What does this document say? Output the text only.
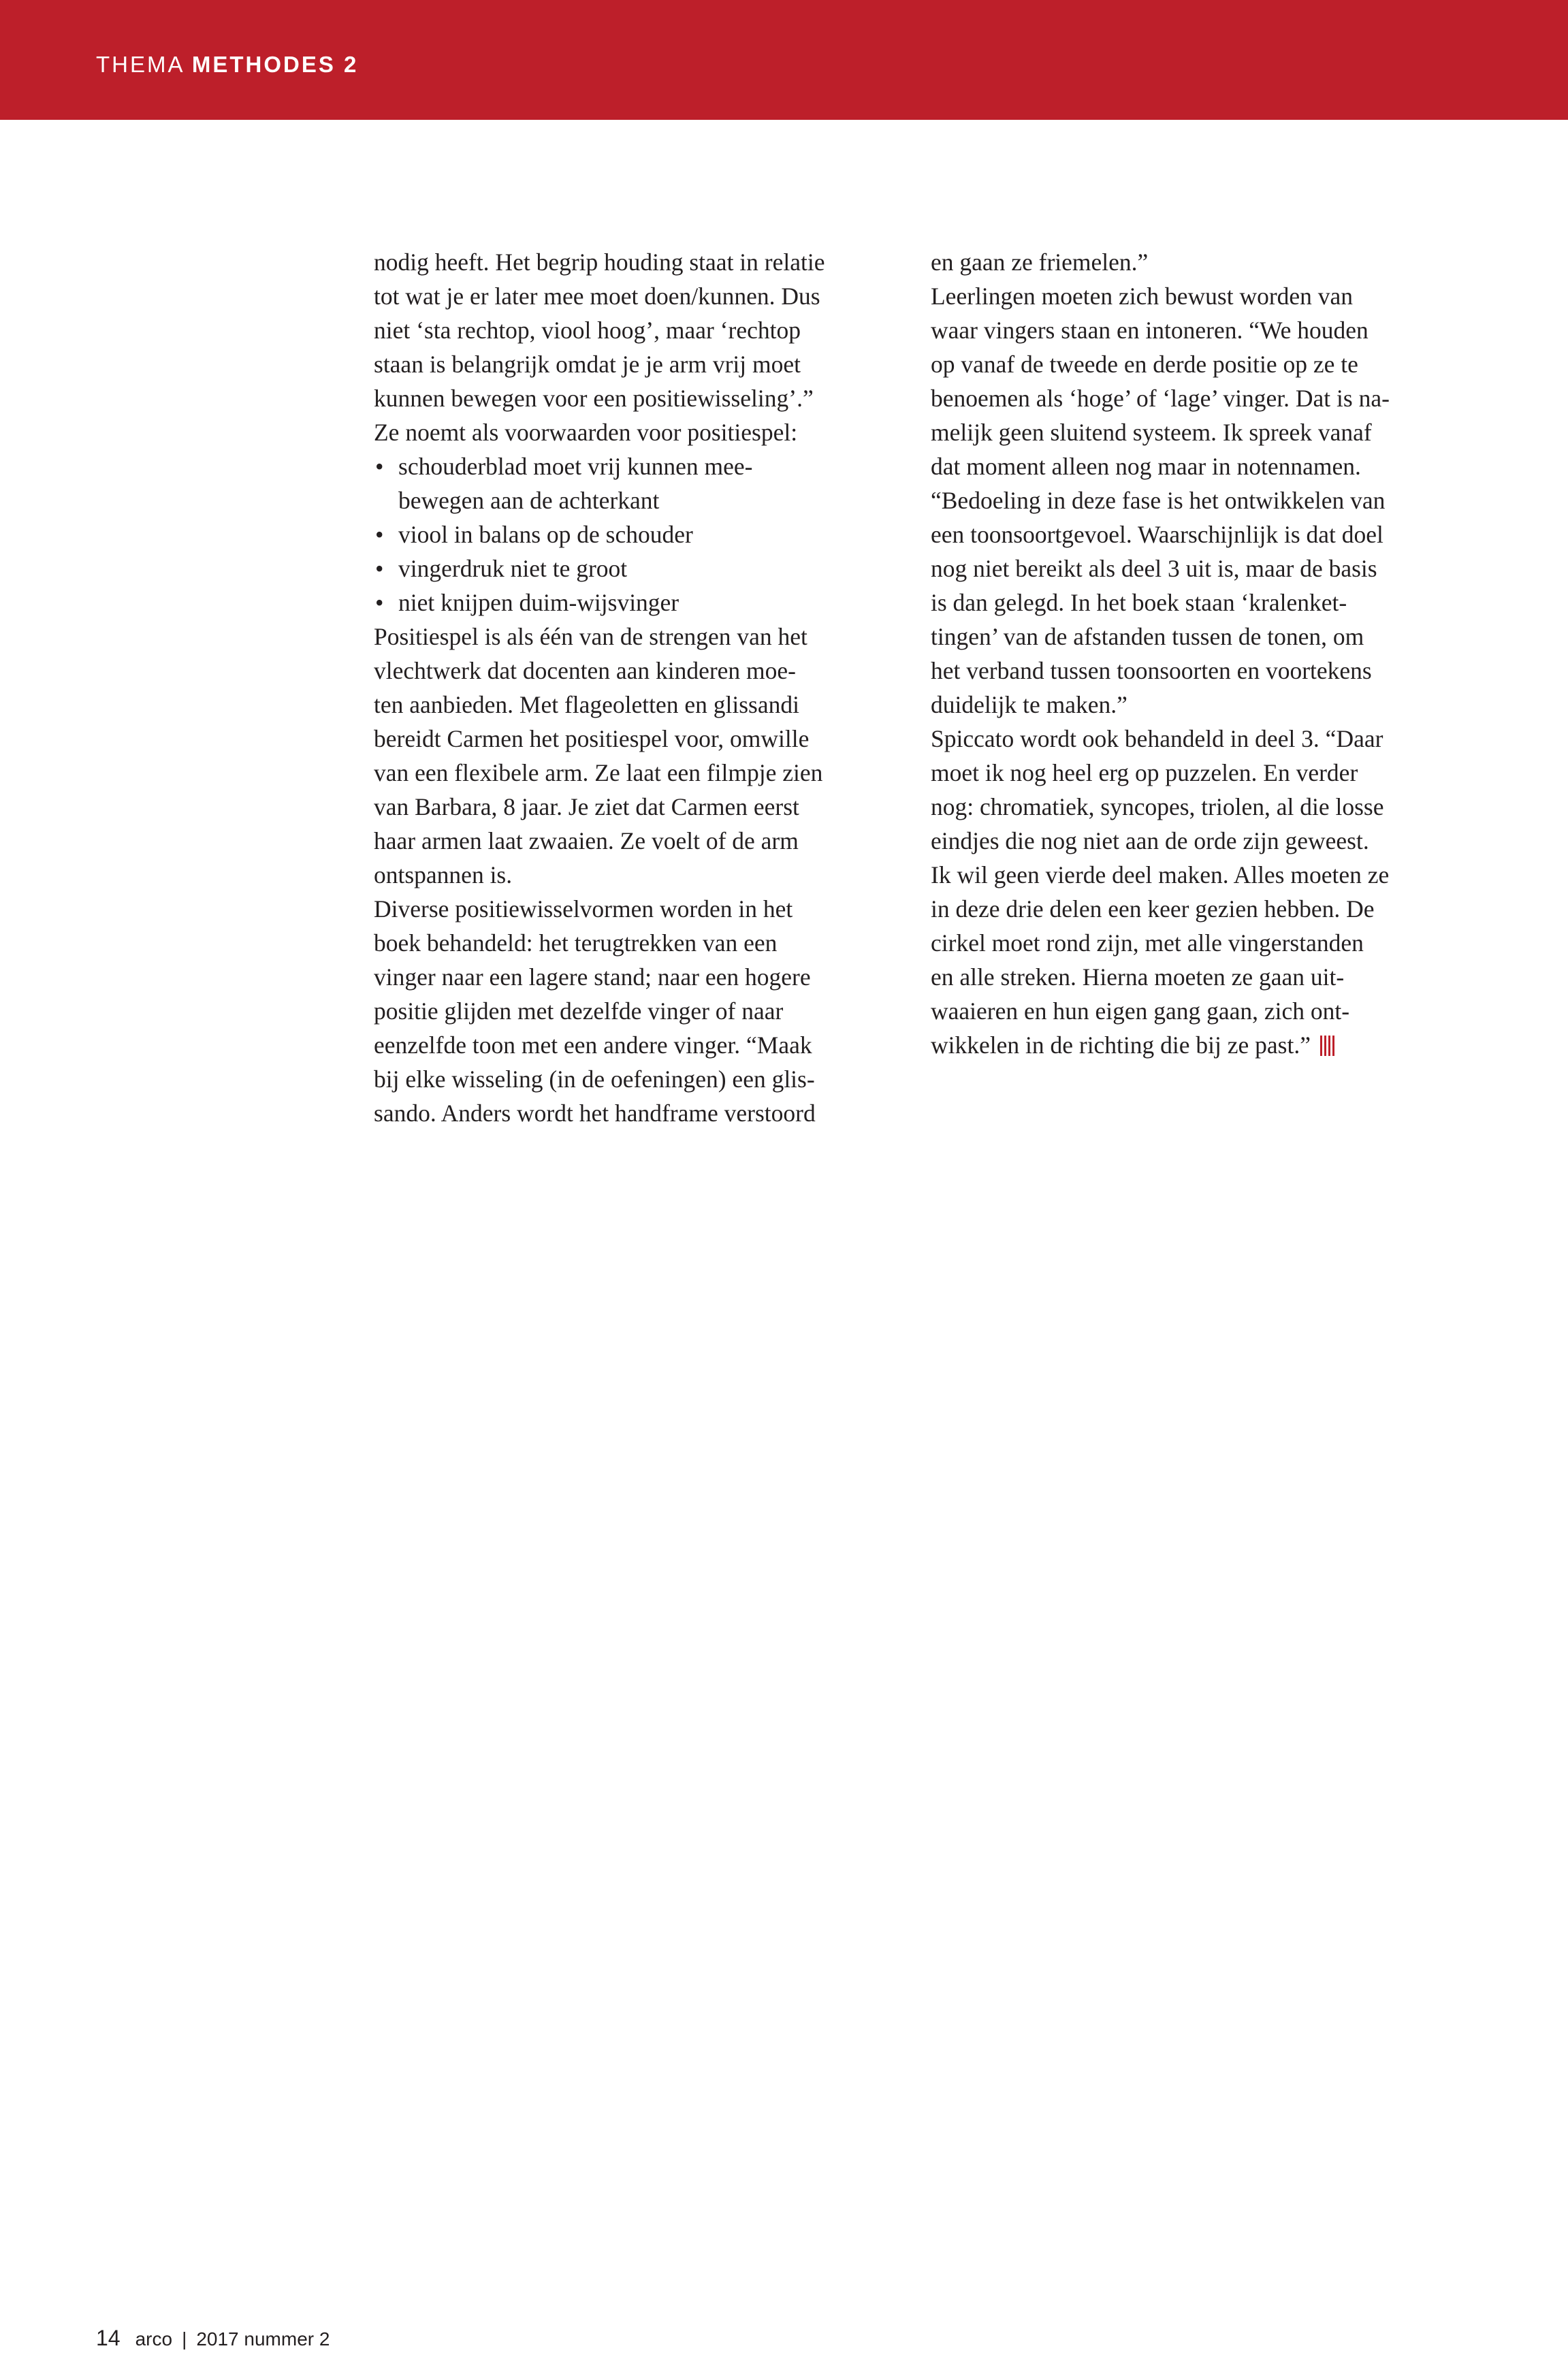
THEMA METHODES 2
nodig heeft. Het begrip houding staat in relatie
tot wat je er later mee moet doen/kunnen. Dus
niet ‘sta rechtop, viool hoog’, maar ‘rechtop
staan is belangrijk omdat je je arm vrij moet
kunnen bewegen voor een positiewisseling’.”
Ze noemt als voorwaarden voor positiespel:
• schouderblad moet vrij kunnen mee-
bewegen aan de achterkant
• viool in balans op de schouder
• vingerdruk niet te groot
• niet knijpen duim-wijsvinger
Positiespel is als één van de strengen van het
vlechtwerk dat docenten aan kinderen moe-
ten aanbieden. Met flageoletten en glissandi
bereidt Carmen het positiespel voor, omwille
van een flexibele arm. Ze laat een filmpje zien
van Barbara, 8 jaar. Je ziet dat Carmen eerst
haar armen laat zwaaien. Ze voelt of de arm
ontspannen is.
Diverse positiewisselvormen worden in het
boek behandeld: het terugtrekken van een
vinger naar een lagere stand; naar een hogere
positie glijden met dezelfde vinger of naar
eenzelfde toon met een andere vinger. “Maak
bij elke wisseling (in de oefeningen) een glis-
sando. Anders wordt het handframe verstoord
en gaan ze friemelen.”
Leerlingen moeten zich bewust worden van
waar vingers staan en intoneren. “We houden
op vanaf de tweede en derde positie op ze te
benoemen als ‘hoge’ of ‘lage’ vinger. Dat is na-
melijk geen sluitend systeem. Ik spreek vanaf
dat moment alleen nog maar in notennamen.
“Bedoeling in deze fase is het ontwikkelen van
een toonsoortgevoel. Waarschijnlijk is dat doel
nog niet bereikt als deel 3 uit is, maar de basis
is dan gelegd. In het boek staan ‘kralenket-
tingen’ van de afstanden tussen de tonen, om
het verband tussen toonsoorten en voortekens
duidelijk te maken.”
Spiccato wordt ook behandeld in deel 3. “Daar
moet ik nog heel erg op puzzelen. En verder
nog: chromatiek, syncopes, triolen, al die losse
eindjes die nog niet aan de orde zijn geweest.
Ik wil geen vierde deel maken. Alles moeten ze
in deze drie delen een keer gezien hebben. De
cirkel moet rond zijn, met alle vingerstanden
en alle streken. Hierna moeten ze gaan uit-
waaieren en hun eigen gang gaan, zich ont-
wikkelen in de richting die bij ze past.”
14 arco | 2017 nummer 2
